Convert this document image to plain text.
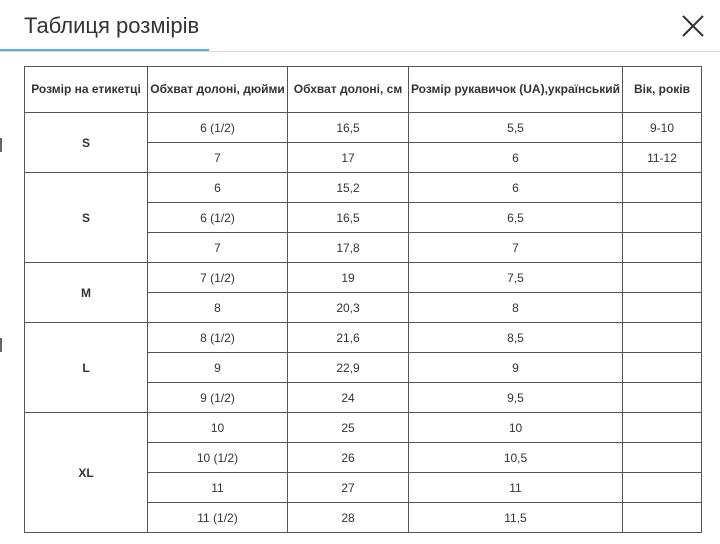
Таблиця розмірів
Розмір на етикетці	Обхват долоні, дюйми	Обхват долоні, см	Розмір рукавичок (UA),український	Вік, років
S	6 (1/2)	16,5	5,5	9-10
	7	17	6	11-12
S	6	15,2	6	
	6 (1/2)	16,5	6,5	
	7	17,8	7	
M	7 (1/2)	19	7,5	
	8	20,3	8	
L	8 (1/2)	21,6	8,5	
	9	22,9	9	
	9 (1/2)	24	9,5	
XL	10	25	10	
	10 (1/2)	26	10,5	
	11	27	11	
	11 (1/2)	28	11,5	
